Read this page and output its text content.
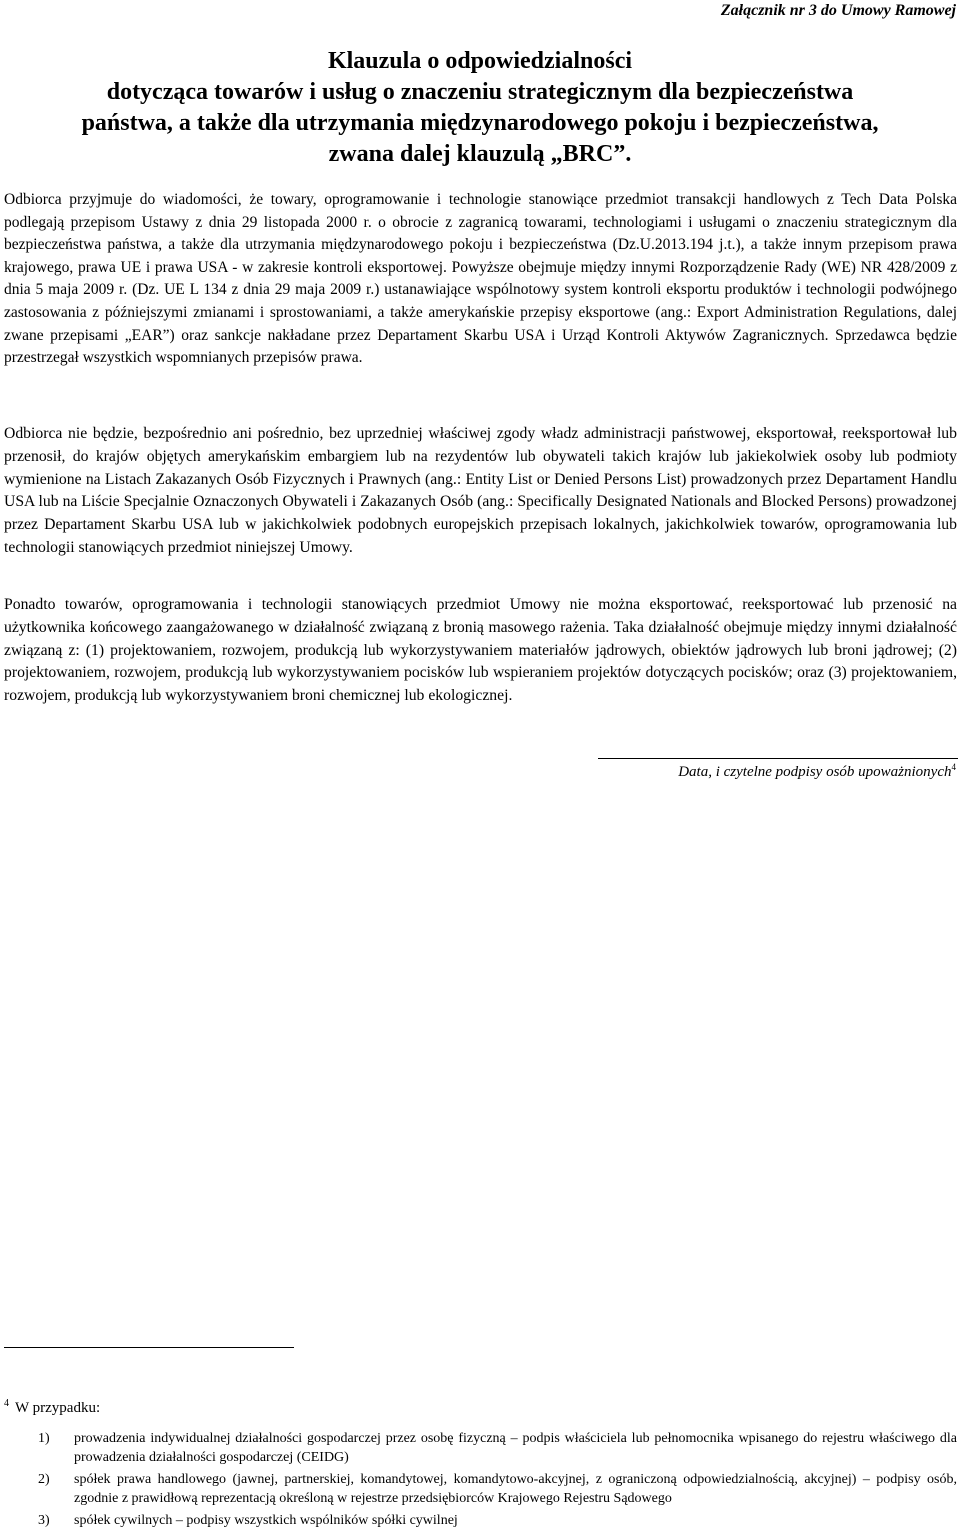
Załącznik nr 3 do Umowy Ramowej
Klauzula o odpowiedzialności
dotycząca towarów i usług o znaczeniu strategicznym dla bezpieczeństwa
państwa, a także dla utrzymania międzynarodowego pokoju i bezpieczeństwa,
zwana dalej klauzulą „BRC”.

Odbiorca przyjmuje do wiadomości, że towary, oprogramowanie i technologie stanowiące przedmiot transakcji handlowych z Tech Data Polska podlegają przepisom Ustawy z dnia 29 listopada 2000 r. o obrocie z zagranicą towarami, technologiami i usługami o znaczeniu strategicznym dla bezpieczeństwa państwa, a także dla utrzymania międzynarodowego pokoju i bezpieczeństwa (Dz.U.2013.194 j.t.), a także innym przepisom prawa krajowego, prawa UE i prawa USA - w zakresie kontroli eksportowej. Powyższe obejmuje między innymi Rozporządzenie Rady (WE) NR 428/2009 z dnia 5 maja 2009 r. (Dz. UE L 134 z dnia 29 maja 2009 r.) ustanawiające wspólnotowy system kontroli eksportu produktów i technologii podwójnego zastosowania z późniejszymi zmianami i sprostowaniami, a także amerykańskie przepisy eksportowe (ang.: Export Administration Regulations, dalej zwane przepisami „EAR”) oraz sankcje nakładane przez Departament Skarbu USA i Urząd Kontroli Aktywów Zagranicznych. Sprzedawca będzie przestrzegał wszystkich wspomnianych przepisów prawa.

Odbiorca nie będzie, bezpośrednio ani pośrednio, bez uprzedniej właściwej zgody władz administracji państwowej, eksportował, reeksportował lub przenosił, do krajów objętych amerykańskim embargiem lub na rezydentów lub obywateli takich krajów lub jakiekolwiek osoby lub podmioty wymienione na Listach Zakazanych Osób Fizycznych i Prawnych (ang.: Entity List or Denied Persons List) prowadzonych przez Departament Handlu USA lub na Liście Specjalnie Oznaczonych Obywateli i Zakazanych Osób (ang.: Specifically Designated Nationals and Blocked Persons) prowadzonej przez Departament Skarbu USA lub w jakichkolwiek podobnych europejskich przepisach lokalnych, jakichkolwiek towarów, oprogramowania lub technologii stanowiących przedmiot niniejszej Umowy.

Ponadto towarów, oprogramowania i technologii stanowiących przedmiot Umowy nie można eksportować, reeksportować lub przenosić na użytkownika końcowego zaangażowanego w działalność związaną z bronią masowego rażenia. Taka działalność obejmuje między innymi działalność związaną z: (1) projektowaniem, rozwojem, produkcją lub wykorzystywaniem materiałów jądrowych, obiektów jądrowych lub broni jądrowej; (2) projektowaniem, rozwojem, produkcją lub wykorzystywaniem pocisków lub wspieraniem projektów dotyczących pocisków; oraz (3) projektowaniem, rozwojem, produkcją lub wykorzystywaniem broni chemicznej lub ekologicznej.

Data, i czytelne podpisy osób upoważnionych$^4$
$^4$ W przypadku:
1) prowadzenia indywidualnej działalności gospodarczej przez osobę fizyczną – podpis właściciela lub pełnomocnika wpisanego do rejestru właściwego dla prowadzenia działalności gospodarczej (CEIDG)
2) spółek prawa handlowego (jawnej, partnerskiej, komandytowej, komandytowo-akcyjnej, z ograniczoną odpowiedzialnością, akcyjnej) – podpisy osób, zgodnie z prawidłową reprezentacją określoną w rejestrze przedsiębiorców Krajowego Rejestru Sądowego
3) spółek cywilnych – podpisy wszystkich wspólników spółki cywilnej
